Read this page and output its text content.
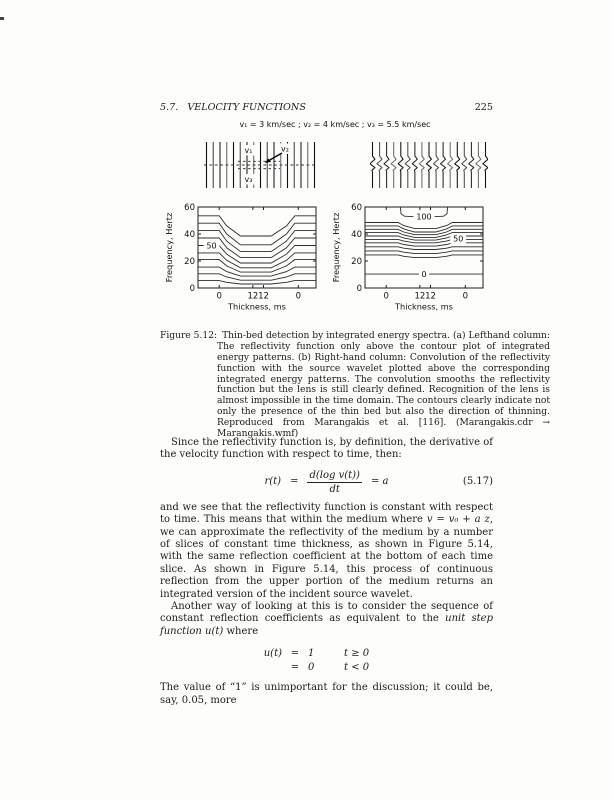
5.7. VELOCITY FUNCTIONS	225
v₁ = 3 km/sec ; v₂ = 4 km/sec ; v₃ = 5.5 km/sec
v₁	v₂
v₃
0
20
40
60
0	12 12	0
50
Thickness, ms
Frequency, Hertz
0
20
40
60
0	12 12	0
100
50
0
Thickness, ms
Frequency, Hertz

Figure 5.12: Thin-bed detection by integrated energy spectra. (a) Lefthand column: The reflectivity function only above the contour plot of integrated energy patterns. (b) Right-hand column: Convolution of the reflectivity function with the source wavelet plotted above the corresponding integrated energy patterns. The convolution smooths the reflectivity function but the lens is still clearly defined. Recognition of the lens is almost impossible in the time domain. The contours clearly indicate not only the presence of the thin bed but also the direction of thinning. Reproduced from Marangakis et al. [116]. (Marangakis.cdr → Marangakis.wmf)

Since the reflectivity function is, by definition, the derivative of the velocity function with respect to time, then:

$r(t) = \frac{\text{d(log v(t))}}{dt} = a$	(5.17)

and we see that the reflectivity function is constant with respect to time. This means that within the medium where v = v₀ + a z, we can approximate the reflectivity of the medium by a number of slices of constant time thickness, as shown in Figure 5.14, with the same reflection coefficient at the bottom of each time slice. As shown in Figure 5.14, this process of continuous reflection from the upper portion of the medium returns an integrated version of the incident source wavelet.

Another way of looking at this is to consider the sequence of constant reflection coefficients as equivalent to the unit step function u(t) where

u(t) = 1	t ≥ 0
= 0	t < 0

The value of “1” is unimportant for the discussion; it could be, say, 0.05, more
